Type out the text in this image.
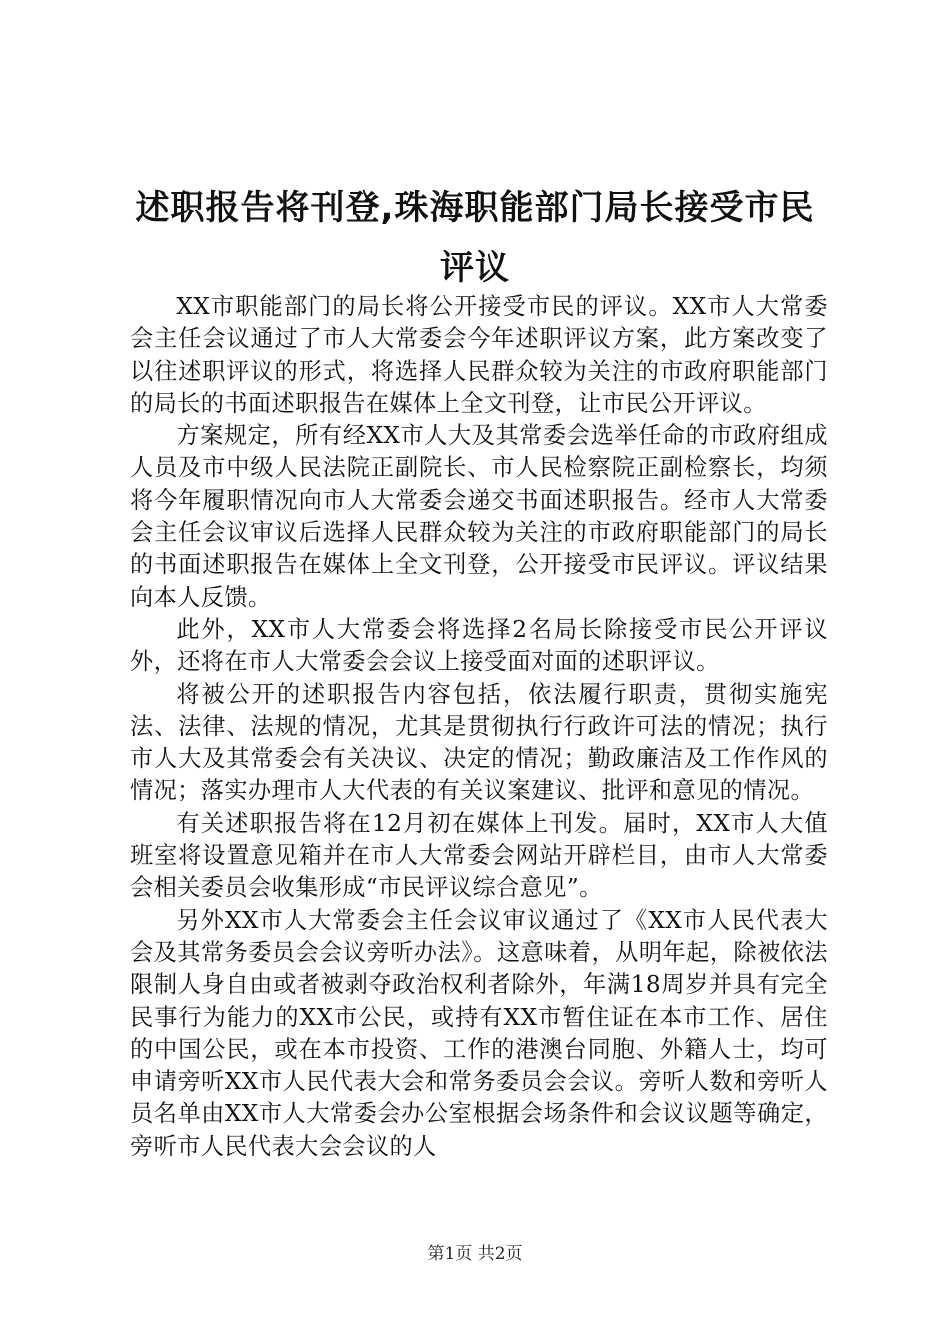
述职报告将刊登,珠海职能部门局长接受市民评议

XX市职能部门的局长将公开接受市民的评议。XX市人大常委会主任会议通过了市人大常委会今年述职评议方案，此方案改变了以往述职评议的形式，将选择人民群众较为关注的市政府职能部门的局长的书面述职报告在媒体上全文刊登，让市民公开评议。

方案规定，所有经XX市人大及其常委会选举任命的市政府组成人员及市中级人民法院正副院长、市人民检察院正副检察长，均须将今年履职情况向市人大常委会递交书面述职报告。经市人大常委会主任会议审议后选择人民群众较为关注的市政府职能部门的局长的书面述职报告在媒体上全文刊登，公开接受市民评议。评议结果向本人反馈。

此外，XX市人大常委会将选择2名局长除接受市民公开评议外，还将在市人大常委会会议上接受面对面的述职评议。

将被公开的述职报告内容包括，依法履行职责，贯彻实施宪法、法律、法规的情况，尤其是贯彻执行行政许可法的情况；执行市人大及其常委会有关决议、决定的情况；勤政廉洁及工作作风的情况；落实办理市人大代表的有关议案建议、批评和意见的情况。

有关述职报告将在12月初在媒体上刊发。届时，XX市人大值班室将设置意见箱并在市人大常委会网站开辟栏目，由市人大常委会相关委员会收集形成“市民评议综合意见”。

另外XX市人大常委会主任会议审议通过了《XX市人民代表大会及其常务委员会会议旁听办法》。这意味着，从明年起，除被依法限制人身自由或者被剥夺政治权利者除外，年满18周岁并具有完全民事行为能力的XX市公民，或持有XX市暂住证在本市工作、居住的中国公民，或在本市投资、工作的港澳台同胞、外籍人士，均可申请旁听XX市人民代表大会和常务委员会会议。旁听人数和旁听人员名单由XX市人大常委会办公室根据会场条件和会议议题等确定，旁听市人民代表大会会议的人

第1页 共2页
